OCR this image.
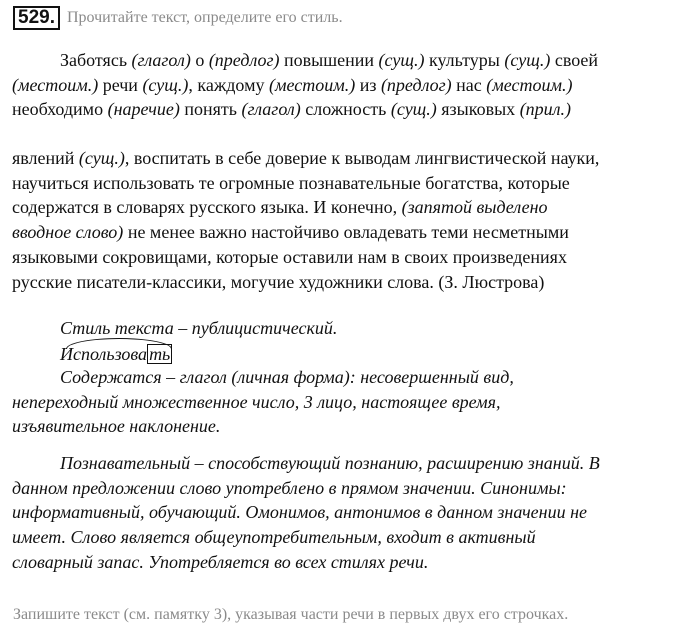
529. Прочитайте текст, определите его стиль.
Заботясь (глагол) о (предлог) повышении (сущ.) культуры (сущ.) своей
(местоим.) речи (сущ.), каждому (местоим.) из (предлог) нас (местоим.)
необходимо (наречие) понять (глагол) сложность (сущ.) языковых (прил.)
явлений (сущ.), воспитать в себе доверие к выводам лингвистической науки,
научиться использовать те огромные познавательные богатства, которые
содержатся в словарях русского языка. И конечно, (запятой выделено
вводное слово) не менее важно настойчиво овладевать теми несметными
языковыми сокровищами, которые оставили нам в своих произведениях
русские писатели-классики, могучие художники слова. (З. Люстрова)
Стиль текста – публицистический.
Использова ть
Содержатся – глагол (личная форма): несовершенный вид,
непереходный множественное число, 3 лицо, настоящее время,
изъявительное наклонение.
Познавательный – способствующий познанию, расширению знаний. В
данном предложении слово употреблено в прямом значении. Синонимы:
информативный, обучающий. Омонимов, антонимов в данном значении не
имеет. Слово является общеупотребительным, входит в активный
словарный запас. Употребляется во всех стилях речи.
Запишите текст (см. памятку 3), указывая части речи в первых двух его строчках.
